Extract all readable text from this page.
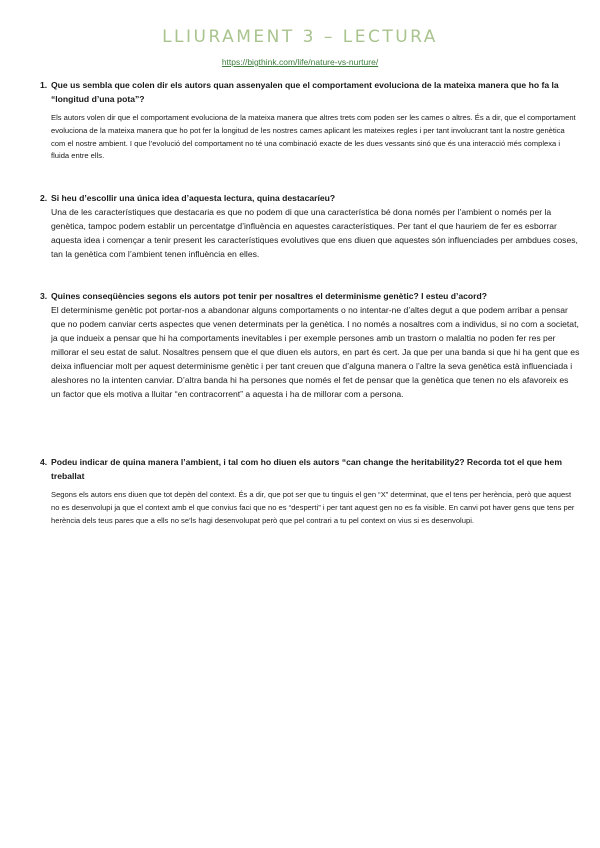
LLIURAMENT 3 – LECTURA
https://bigthink.com/life/nature-vs-nurture/
1. Que us sembla que colen dir els autors quan assenyalen que el comportament evoluciona de la mateixa manera que ho fa la “longitud d’una pota”?
Els autors volen dir que el comportament evoluciona de la mateixa manera que altres trets com poden ser les cames o altres. És a dir, que el comportament evoluciona de la mateixa manera que ho pot fer la longitud de les nostres cames aplicant les mateixes regles i per tant involucrant tant la nostre genètica com el nostre ambient. I que l’evolució del comportament no té una combinació exacte de les dues vessants sinó que és una interacció més complexa i fluida entre ells.
2. Si heu d’escollir una única idea d’aquesta lectura, quina destacaríeu?
Una de les característiques que destacaria es que no podem di que una característica bé dona només per l’ambient o només per la genètica, tampoc podem establir un percentatge d’influència en aquestes característiques. Per tant el que hauriem de fer es esborrar aquesta idea i començar a tenir present les característiques evolutives que ens diuen que aquestes són influenciades per ambdues coses, tan la genètica com l’ambient tenen influència en elles.
3. Quines conseqüències segons els autors pot tenir per nosaltres el determinisme genètic? I esteu d’acord?
El determinisme genètic pot portar-nos a abandonar alguns comportaments o no intentar-ne d’altes degut a que podem arribar a pensar que no podem canviar certs aspectes que venen determinats per la genètica. I no només a nosaltres com a individus, si no com a societat, ja que indueix a pensar que hi ha comportaments inevitables i per exemple persones amb un trastorn o malaltia no poden fer res per millorar el seu estat de salut. Nosaltres pensem que el que diuen els autors, en part és cert. Ja que per una banda si que hi ha gent que es deixa influenciar molt per aquest determinisme genètic i per tant creuen que d’alguna manera o l’altre la seva genètica està influenciada i aleshores no la intenten canviar. D’altra banda hi ha persones que només el fet de pensar que la genètica que tenen no els afavoreix es un factor que els motiva a lluitar “en contracorrent” a aquesta i ha de millorar com a persona.
4. Podeu indicar de quina manera l’ambient, i tal com ho diuen els autors “can change the heritability2? Recorda tot el que hem treballat
Segons els autors ens diuen que tot depèn del context. És a dir, que pot ser que tu tinguis el gen “X” determinat, que el tens per herència, però que aquest no es desenvolupi ja que el context amb el que convius faci que no es “desperti” i per tant aquest gen no es fa visible. En canvi pot haver gens que tens per herència dels teus pares que a ells no se’ls hagi desenvolupat però que pel contrari a tu pel context on vius si es desenvolupi.
